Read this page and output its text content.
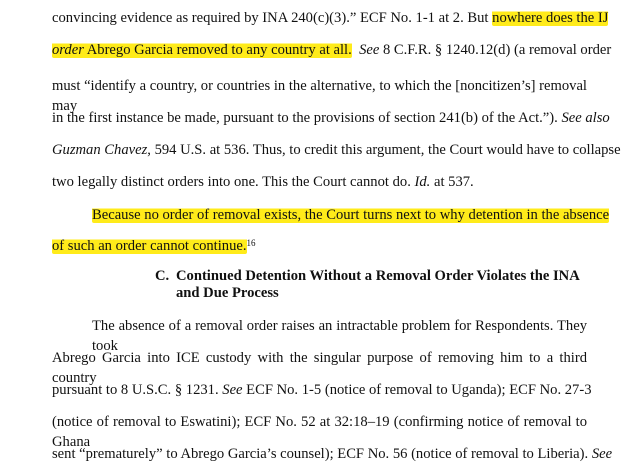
convincing evidence as required by INA 240(c)(3).” ECF No. 1-1 at 2. But nowhere does the IJ
order Abrego Garcia removed to any country at all. See 8 C.F.R. § 1240.12(d) (a removal order
must “identify a country, or countries in the alternative, to which the [noncitizen’s] removal may
in the first instance be made, pursuant to the provisions of section 241(b) of the Act.”). See also
Guzman Chavez, 594 U.S. at 536. Thus, to credit this argument, the Court would have to collapse
two legally distinct orders into one. This the Court cannot do. Id. at 537.
Because no order of removal exists, the Court turns next to why detention in the absence
of such an order cannot continue.$^{16}$
C. Continued Detention Without a Removal Order Violates the INA and Due Process
The absence of a removal order raises an intractable problem for Respondents. They took
Abrego Garcia into ICE custody with the singular purpose of removing him to a third country
pursuant to 8 U.S.C. § 1231. See ECF No. 1-5 (notice of removal to Uganda); ECF No. 27-3
(notice of removal to Eswatini); ECF No. 52 at 32:18–19 (confirming notice of removal to Ghana
sent “prematurely” to Abrego Garcia’s counsel); ECF No. 56 (notice of removal to Liberia). See
